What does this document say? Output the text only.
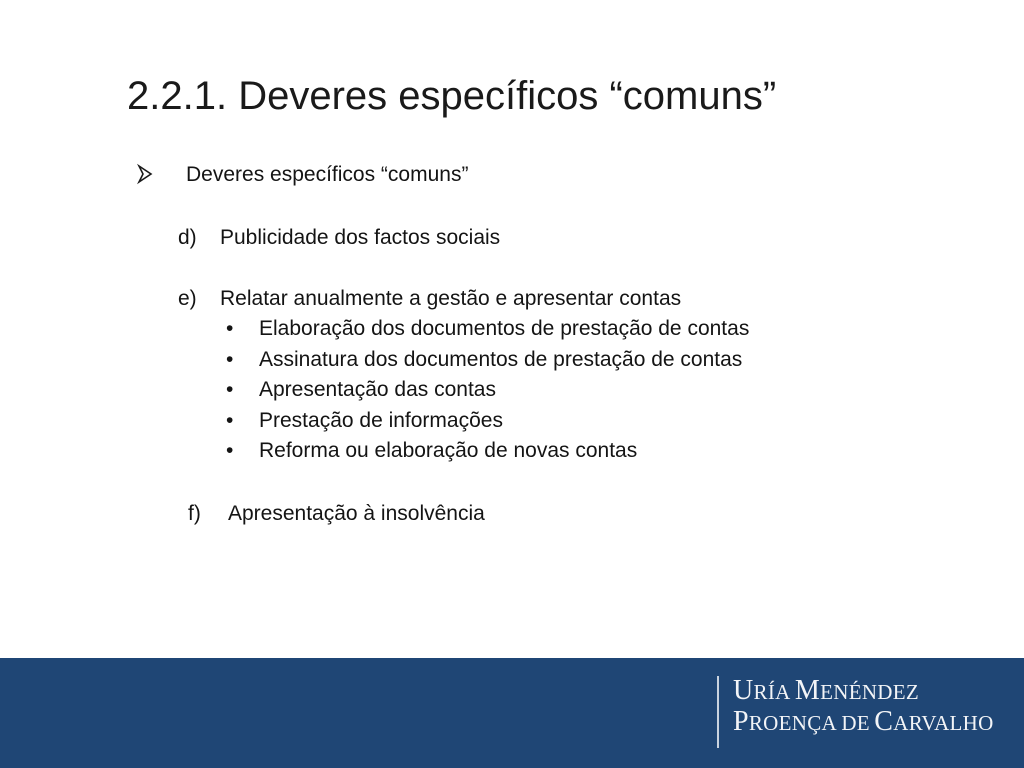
2.2.1. Deveres específicos “comuns”
Deveres específicos “comuns”
d) Publicidade dos factos sociais
e) Relatar anualmente a gestão e apresentar contas
• Elaboração dos documentos de prestação de contas
• Assinatura dos documentos de prestação de contas
• Apresentação das contas
• Prestação de informações
• Reforma ou elaboração de novas contas
f) Apresentação à insolvência
URÍA MENÉNDEZ
PROENÇA DE CARVALHO
